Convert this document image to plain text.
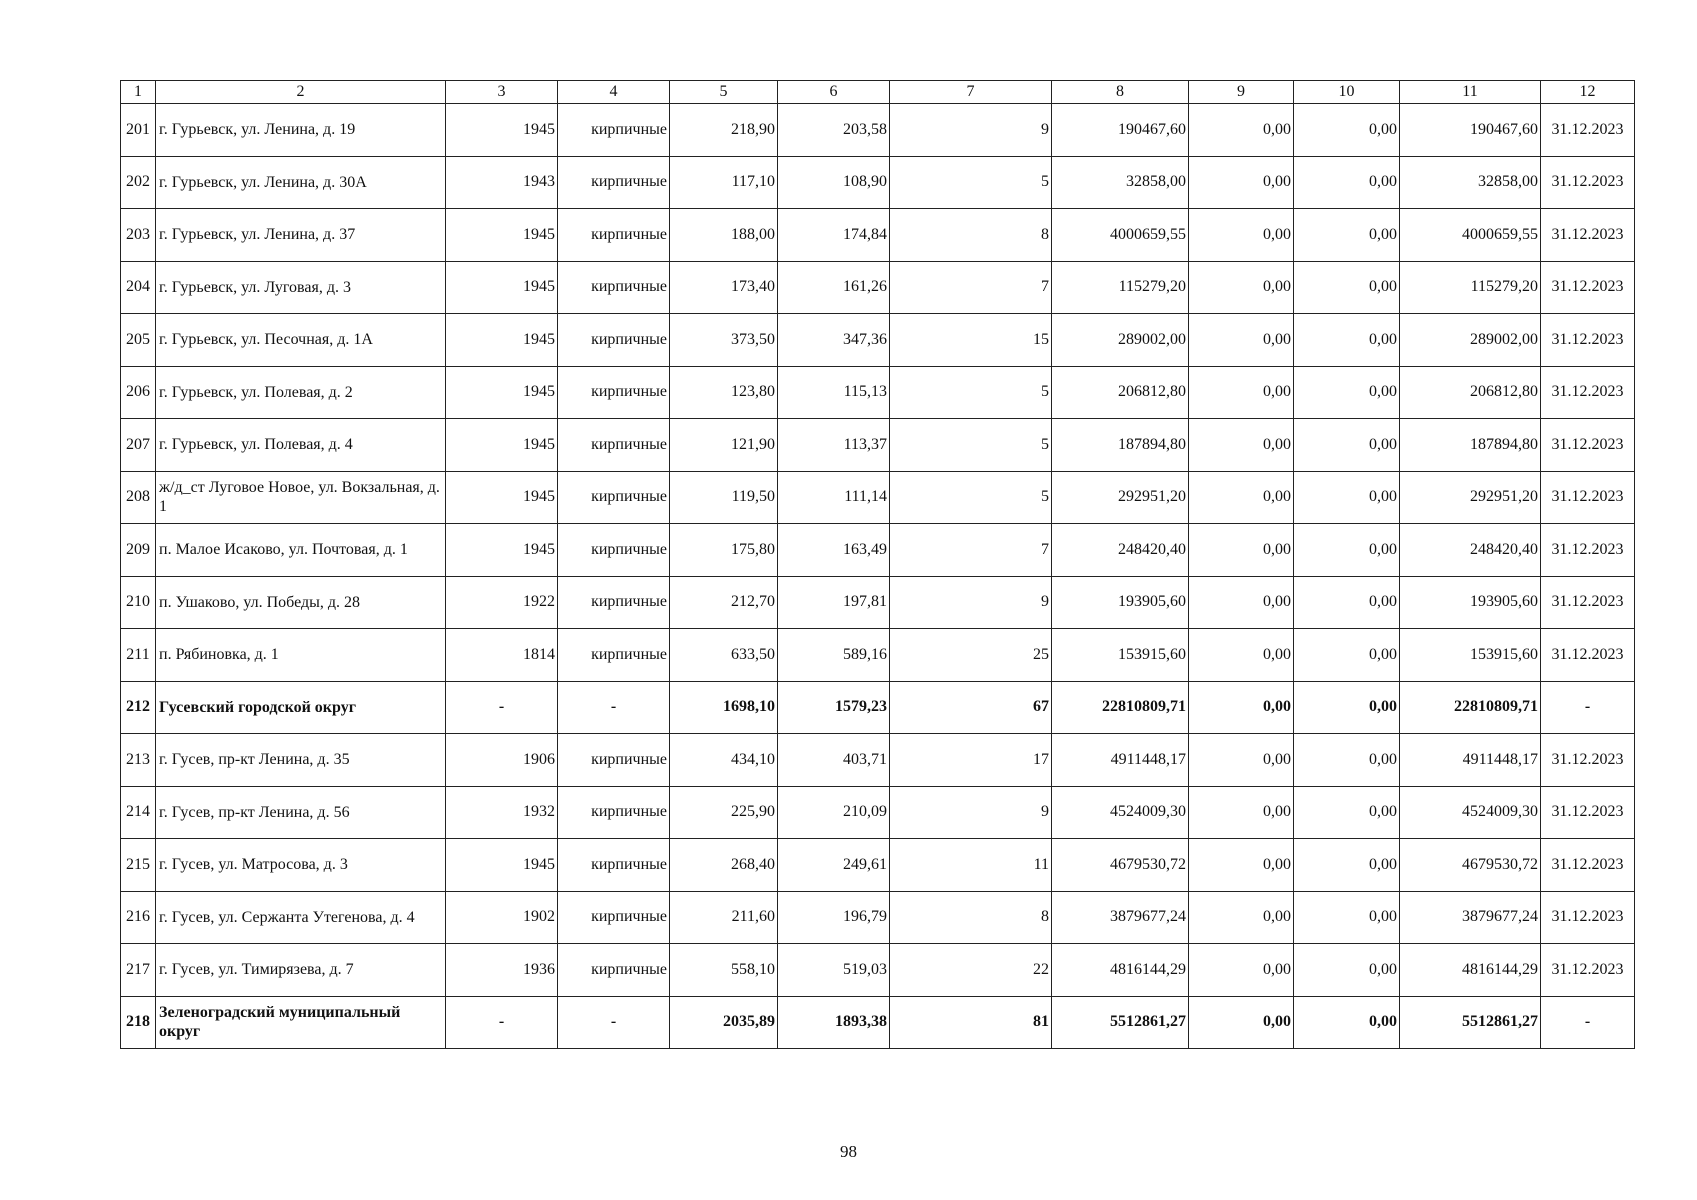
1	2	3	4	5	6	7	8	9	10	11	12
201	г. Гурьевск, ул. Ленина, д. 19	1945	кирпичные	218,90	203,58	9	190467,60	0,00	0,00	190467,60	31.12.2023
202	г. Гурьевск, ул. Ленина, д. 30А	1943	кирпичные	117,10	108,90	5	32858,00	0,00	0,00	32858,00	31.12.2023
203	г. Гурьевск, ул. Ленина, д. 37	1945	кирпичные	188,00	174,84	8	4000659,55	0,00	0,00	4000659,55	31.12.2023
204	г. Гурьевск, ул. Луговая, д. 3	1945	кирпичные	173,40	161,26	7	115279,20	0,00	0,00	115279,20	31.12.2023
205	г. Гурьевск, ул. Песочная, д. 1А	1945	кирпичные	373,50	347,36	15	289002,00	0,00	0,00	289002,00	31.12.2023
206	г. Гурьевск, ул. Полевая, д. 2	1945	кирпичные	123,80	115,13	5	206812,80	0,00	0,00	206812,80	31.12.2023
207	г. Гурьевск, ул. Полевая, д. 4	1945	кирпичные	121,90	113,37	5	187894,80	0,00	0,00	187894,80	31.12.2023
208	ж/д_ст Луговое Новое, ул. Вокзальная, д. 1	1945	кирпичные	119,50	111,14	5	292951,20	0,00	0,00	292951,20	31.12.2023
209	п. Малое Исаково, ул. Почтовая, д. 1	1945	кирпичные	175,80	163,49	7	248420,40	0,00	0,00	248420,40	31.12.2023
210	п. Ушаково, ул. Победы, д. 28	1922	кирпичные	212,70	197,81	9	193905,60	0,00	0,00	193905,60	31.12.2023
211	п. Рябиновка, д. 1	1814	кирпичные	633,50	589,16	25	153915,60	0,00	0,00	153915,60	31.12.2023
212	Гусевский городской округ	-	-	1698,10	1579,23	67	22810809,71	0,00	0,00	22810809,71	-
213	г. Гусев, пр-кт Ленина, д. 35	1906	кирпичные	434,10	403,71	17	4911448,17	0,00	0,00	4911448,17	31.12.2023
214	г. Гусев, пр-кт Ленина, д. 56	1932	кирпичные	225,90	210,09	9	4524009,30	0,00	0,00	4524009,30	31.12.2023
215	г. Гусев, ул. Матросова, д. 3	1945	кирпичные	268,40	249,61	11	4679530,72	0,00	0,00	4679530,72	31.12.2023
216	г. Гусев, ул. Сержанта Утегенова, д. 4	1902	кирпичные	211,60	196,79	8	3879677,24	0,00	0,00	3879677,24	31.12.2023
217	г. Гусев, ул. Тимирязева, д. 7	1936	кирпичные	558,10	519,03	22	4816144,29	0,00	0,00	4816144,29	31.12.2023
218	Зеленоградский муниципальный округ	-	-	2035,89	1893,38	81	5512861,27	0,00	0,00	5512861,27	-
98
